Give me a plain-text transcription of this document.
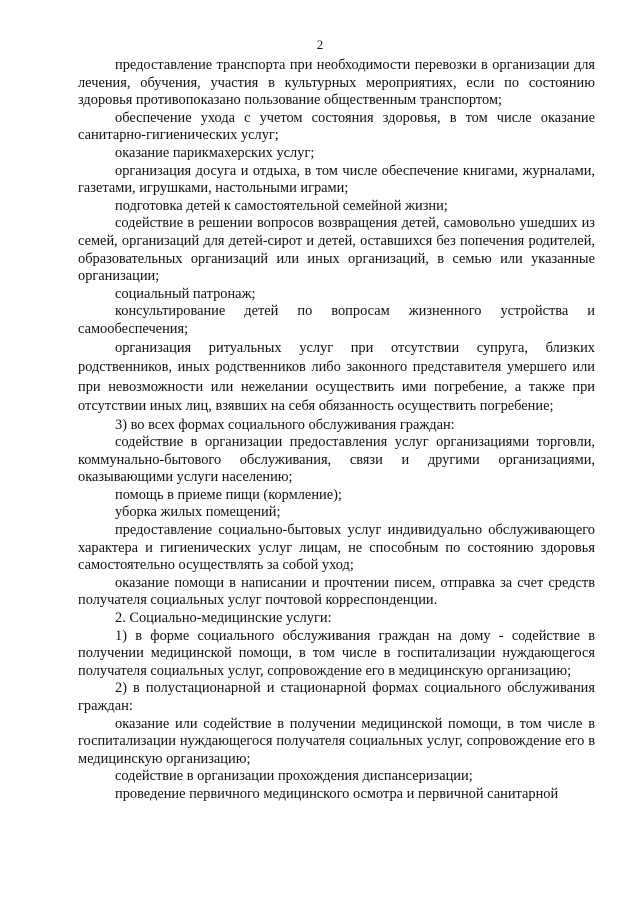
2

предоставление транспорта при необходимости перевозки в организации для лечения, обучения, участия в культурных мероприятиях, если по состоянию здоровья противопоказано пользование общественным транспортом;

обеспечение ухода с учетом состояния здоровья, в том числе оказание санитарно-гигиенических услуг;

оказание парикмахерских услуг;

организация досуга и отдыха, в том числе обеспечение книгами, журналами, газетами, игрушками, настольными играми;

подготовка детей к самостоятельной семейной жизни;

содействие в решении вопросов возвращения детей, самовольно ушедших из семей, организаций для детей-сирот и детей, оставшихся без попечения родителей, образовательных организаций или иных организаций, в семью или указанные организации;

социальный патронаж;

консультирование детей по вопросам жизненного устройства и самообеспечения;

организация ритуальных услуг при отсутствии супруга, близких родственников, иных родственников либо законного представителя умершего или при невозможности или нежелании осуществить ими погребение, а также при отсутствии иных лиц, взявших на себя обязанность осуществить погребение;

3) во всех формах социального обслуживания граждан:

содействие в организации предоставления услуг организациями торговли, коммунально-бытового обслуживания, связи и другими организациями, оказывающими услуги населению;

помощь в приеме пищи (кормление);

уборка жилых помещений;

предоставление социально-бытовых услуг индивидуально обслуживающего характера и гигиенических услуг лицам, не способным по состоянию здоровья самостоятельно осуществлять за собой уход;

оказание помощи в написании и прочтении писем, отправка за счет средств получателя социальных услуг почтовой корреспонденции.

2. Социально-медицинские услуги:

1) в форме социального обслуживания граждан на дому - содействие в получении медицинской помощи, в том числе в госпитализации нуждающегося получателя социальных услуг, сопровождение его в медицинскую организацию;

2) в полустационарной и стационарной формах социального обслуживания граждан:

оказание или содействие в получении медицинской помощи, в том числе в госпитализации нуждающегося получателя социальных услуг, сопровождение его в медицинскую организацию;

содействие в организации прохождения диспансеризации;

проведение первичного медицинского осмотра и первичной санитарной
